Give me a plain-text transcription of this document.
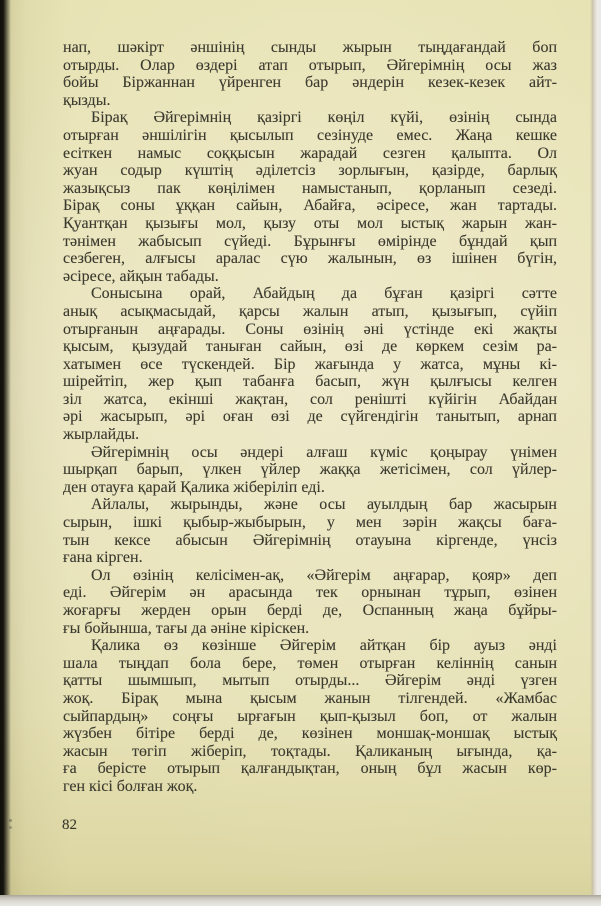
нап, шәкірт әншінің сынды жырын тыңдағандай боп
отырды. Олар өздері атап отырып, Әйгерімнің осы жаз
бойы Біржаннан үйренген бар әндерін кезек-кезек айт-
қызды.
Бірақ Әйгерімнің қазіргі көңіл күйі, өзінің сында
отырған әншілігін қысылып сезінуде емес. Жаңа кешке
есіткен намыс соққысын жарадай сезген қалыпта. Ол
жуан содыр күштің әділетсіз зорлығын, қазірде, барлық
жазықсыз пак көңілімен намыстанып, қорланып сезеді.
Бірақ соны ұққан сайын, Абайға, әсіресе, жан тартады.
Қуантқан қызығы мол, қызу оты мол ыстық жарын жан-
тәнімен жабысып сүйеді. Бұрынғы өмірінде бұндай қып
сезбеген, алғысы аралас сүю жалынын, өз ішінен бүгін,
әсіресе, айқын табады.
Сонысына орай, Абайдың да бұған қазіргі сәтте
анық асықмасыдай, қарсы жалын атып, қызығып, сүйіп
отырғанын аңғарады. Соны өзінің әні үстінде екі жақты
қысым, қызудай таныған сайын, өзі де көркем сезім ра-
хатымен өсе түскендей. Бір жағында у жатса, мұны кі-
шірейтіп, жер қып табанға басып, жүн қылғысы келген
зіл жатса, екінші жақтан, сол ренішті күйігін Абайдан
әрі жасырып, әрі оған өзі де сүйгендігін танытып, арнап
жырлайды.
Әйгерімнің осы әндері алғаш күміс қоңырау үнімен
шырқап барып, үлкен үйлер жаққа жетісімен, сол үйлер-
ден отауға қарай Қалика жіберіліп еді.
Айлалы, жырынды, және осы ауылдың бар жасырын
сырын, ішкі қыбыр-жыбырын, у мен зәрін жақсы баға-
тын кексе абысын Әйгерімнің отауына кіргенде, үнсіз
ғана кірген.
Ол өзінің келісімен-ақ, «Әйгерім аңғарар, қояр» деп
еді. Әйгерім ән арасында тек орнынан тұрып, өзінен
жоғарғы жерден орын берді де, Оспанның жаңа бұйры-
ғы бойынша, тағы да әніне кіріскен.
Қалика өз көзінше Әйгерім айтқан бір ауыз әнді
шала тыңдап бола бере, төмен отырған келіннің санын
қатты шымшып, мытып отырды... Әйгерім әнді үзген
жоқ. Бірақ мына қысым жанын тілгендей. «Жамбас
сыйпардың» соңғы ырғағын қып-қызыл боп, от жалын
жүзбен бітіре берді де, көзінен моншақ-моншақ ыстық
жасын төгіп жіберіп, тоқтады. Қаликаның ығында, қа-
ға берісте отырып қалғандықтан, оның бұл жасын көр-
ген кісі болған жоқ.
82
